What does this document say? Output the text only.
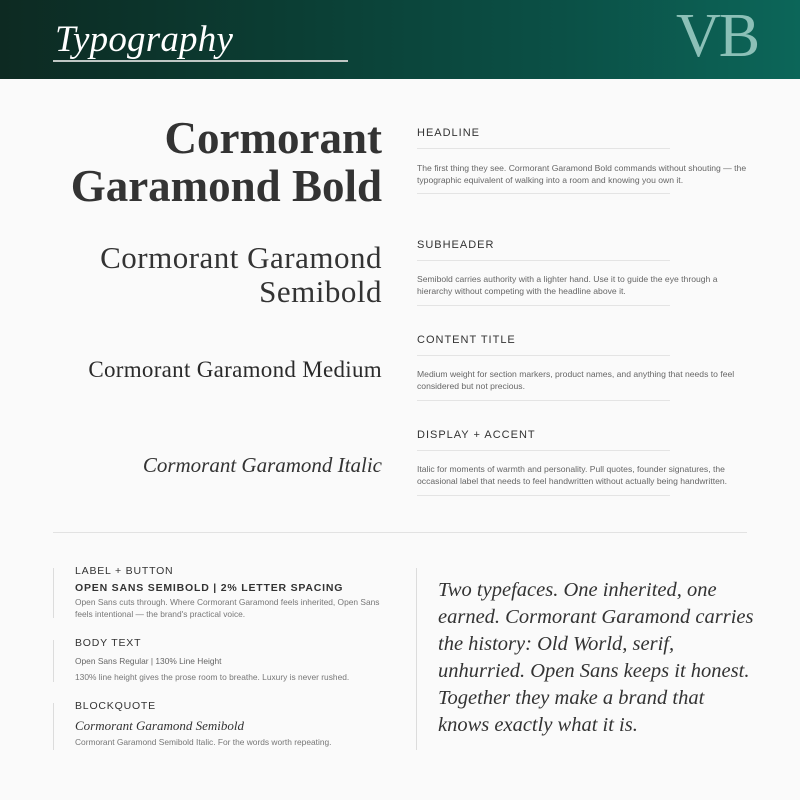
Typography	VB
Cormorant
Garamond Bold
Cormorant Garamond
Semibold
Cormorant Garamond Medium
Cormorant Garamond Italic
HEADLINE
The first thing they see. Cormorant Garamond Bold commands without shouting — the typographic equivalent of walking into a room and knowing you own it.
SUBHEADER
Semibold carries authority with a lighter hand. Use it to guide the eye through a hierarchy without competing with the headline above it.
CONTENT TITLE
Medium weight for section markers, product names, and anything that needs to feel considered but not precious.
DISPLAY + ACCENT
Italic for moments of warmth and personality. Pull quotes, founder signatures, the occasional label that needs to feel handwritten without actually being handwritten.
LABEL + BUTTON
OPEN SANS SEMIBOLD | 2% LETTER SPACING
Open Sans cuts through. Where Cormorant Garamond feels inherited, Open Sans feels intentional — the brand's practical voice.
BODY TEXT
Open Sans Regular | 130% Line Height
130% line height gives the prose room to breathe. Luxury is never rushed.
BLOCKQUOTE
Cormorant Garamond Semibold
Cormorant Garamond Semibold Italic. For the words worth repeating.
Two typefaces. One inherited, one earned. Cormorant Garamond carries the history: Old World, serif, unhurried. Open Sans keeps it honest. Together they make a brand that knows exactly what it is.
